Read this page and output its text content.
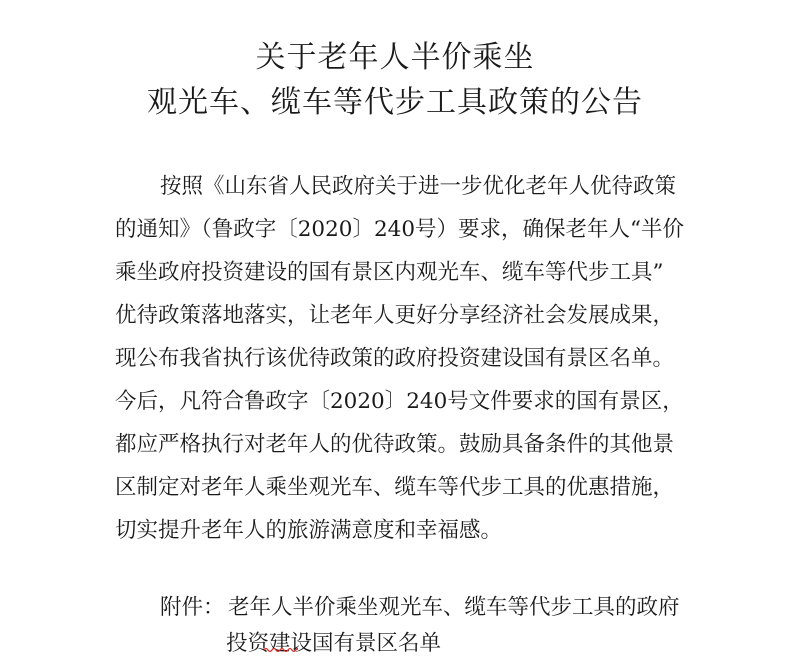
关于老年人半价乘坐
观光车、缆车等代步工具政策的公告
按照《山东省人民政府关于进一步优化老年人优待政策
的通知》（鲁政字〔2020〕240号）要求，确保老年人“半价
乘坐政府投资建设的国有景区内观光车、缆车等代步工具”
优待政策落地落实，让老年人更好分享经济社会发展成果，
现公布我省执行该优待政策的政府投资建设国有景区名单。
今后，凡符合鲁政字〔2020〕240号文件要求的国有景区，
都应严格执行对老年人的优待政策。鼓励具备条件的其他景
区制定对老年人乘坐观光车、缆车等代步工具的优惠措施，
切实提升老年人的旅游满意度和幸福感。
附件： 老年人半价乘坐观光车、缆车等代步工具的政府
投资建设国有景区名单
